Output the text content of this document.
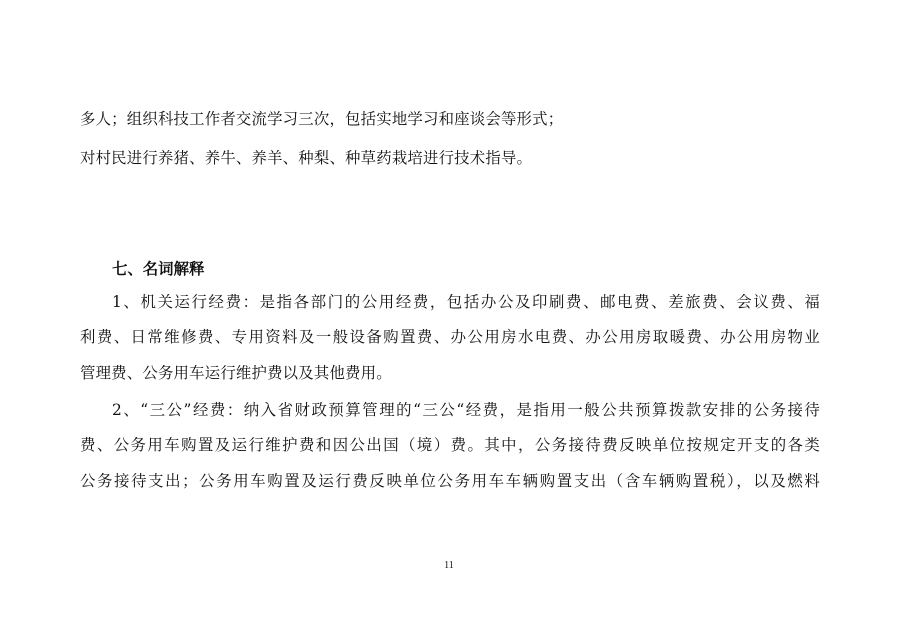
多人；组织科技工作者交流学习三次，包括实地学习和座谈会等形式；
对村民进行养猪、养牛、养羊、种梨、种草药栽培进行技术指导。
七、名词解释
1、机关运行经费：是指各部门的公用经费，包括办公及印刷费、邮电费、差旅费、会议费、福
利费、日常维修费、专用资料及一般设备购置费、办公用房水电费、办公用房取暖费、办公用房物业
管理费、公务用车运行维护费以及其他费用。
2、“三公”经费：纳入省财政预算管理的“三公“经费，是指用一般公共预算拨款安排的公务接待
费、公务用车购置及运行维护费和因公出国（境）费。其中，公务接待费反映单位按规定开支的各类
公务接待支出；公务用车购置及运行费反映单位公务用车车辆购置支出（含车辆购置税），以及燃料
11
